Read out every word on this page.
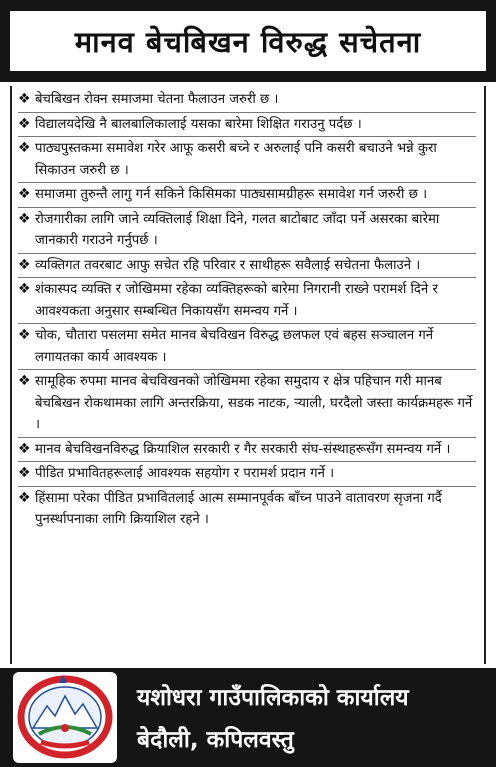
मानव बेचबिखन विरुद्ध सचेतना
❖ बेचबिखन रोक्न समाजमा चेतना फैलाउन जरुरी छ ।
❖ विद्यालयदेखि नै बालबालिकालाई यसका बारेमा शिक्षित गराउनु पर्दछ ।
❖ पाठ्यपुस्तकमा समावेश गरेर आफू कसरी बच्ने र अरुलाई पनि कसरी बचाउने भन्ने कुरा सिकाउन जरुरी छ ।
❖ समाजमा तुरुन्तै लागु गर्न सकिने किसिमका पाठ्यसामग्रीहरू समावेश गर्न जरुरी छ ।
❖ रोजगारीका लागि जाने व्यक्तिलाई शिक्षा दिने, गलत बाटोबाट जाँदा पर्ने असरका बारेमा जानकारी गराउने गर्नुपर्छ ।
❖ व्यक्तिगत तवरबाट आफु सचेत रहि परिवार र साथीहरू सवैलाई सचेतना फैलाउने ।
❖ शंकास्पद व्यक्ति र जोखिममा रहेका व्यक्तिहरूको बारेमा निगरानी राख्ने परामर्श दिने र आवश्यकता अनुसार सम्बन्धित निकायसँग समन्वय गर्ने ।
❖ चोक, चौतारा पसलमा समेत मानव बेचविखन विरुद्ध छलफल एवं बहस सञ्चालन गर्ने लगायतका कार्य आवश्यक ।
❖ सामूहिक रुपमा मानव बेचविखनको जोखिममा रहेका समुदाय र क्षेत्र पहिचान गरी मानब बेचबिखन रोकथामका लागि अन्तरक्रिया, सडक नाटक, र्‍याली, घरदैलो जस्ता कार्यक्रमहरू गर्ने ।
❖ मानव बेचविखनविरुद्ध क्रियाशिल सरकारी र गैर सरकारी संघ-संस्थाहरूसँग समन्वय गर्ने ।
❖ पीडित प्रभावितहरूलाई आवश्यक सहयोग र परामर्श प्रदान गर्ने ।
❖ हिंसामा परेका पीडित प्रभावितलाई आत्म सम्मानपूर्वक बाँच्न पाउने वातावरण सृजना गर्दै पुनर्स्थापनाका लागि क्रियाशिल रहने ।
यशोधरा गाउँपालिकाको कार्यालय
बेदौली, कपिलवस्तु
